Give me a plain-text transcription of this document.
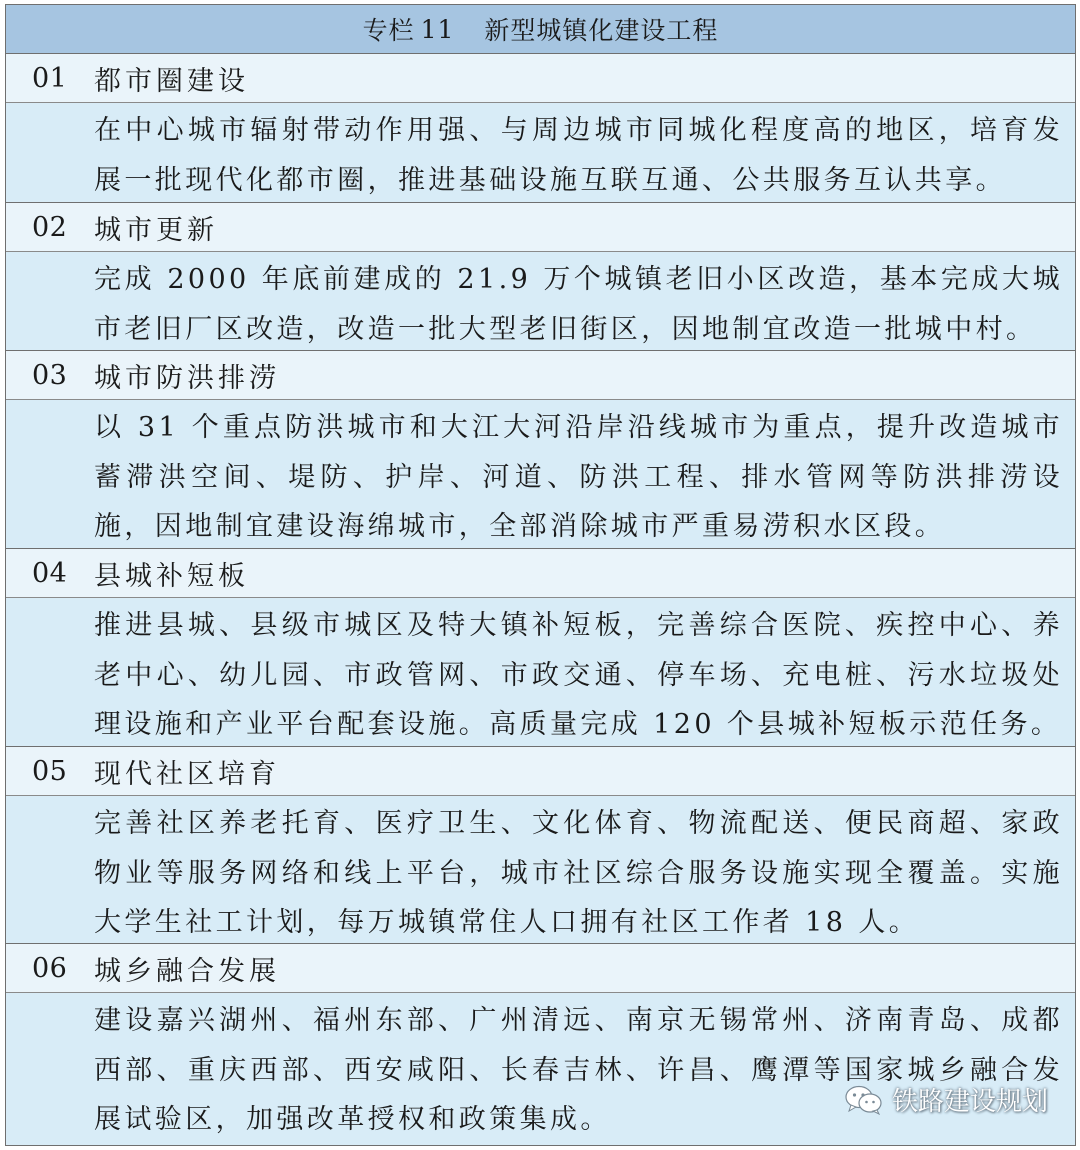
专栏 11 新型城镇化建设工程
01 都市圈建设
在中心城市辐射带动作用强、与周边城市同城化程度高的地区，培育发展一批现代化都市圈，推进基础设施互联互通、公共服务互认共享。
02 城市更新
完成 2000 年底前建成的 21.9 万个城镇老旧小区改造，基本完成大城市老旧厂区改造，改造一批大型老旧街区，因地制宜改造一批城中村。
03 城市防洪排涝
以 31 个重点防洪城市和大江大河沿岸沿线城市为重点，提升改造城市蓄滞洪空间、堤防、护岸、河道、防洪工程、排水管网等防洪排涝设施，因地制宜建设海绵城市，全部消除城市严重易涝积水区段。
04 县城补短板
推进县城、县级市城区及特大镇补短板，完善综合医院、疾控中心、养老中心、幼儿园、市政管网、市政交通、停车场、充电桩、污水垃圾处理设施和产业平台配套设施。高质量完成 120 个县城补短板示范任务。
05 现代社区培育
完善社区养老托育、医疗卫生、文化体育、物流配送、便民商超、家政物业等服务网络和线上平台，城市社区综合服务设施实现全覆盖。实施大学生社工计划，每万城镇常住人口拥有社区工作者 18 人。
06 城乡融合发展
建设嘉兴湖州、福州东部、广州清远、南京无锡常州、济南青岛、成都西部、重庆西部、西安咸阳、长春吉林、许昌、鹰潭等国家城乡融合发展试验区，加强改革授权和政策集成。
铁路建设规划
